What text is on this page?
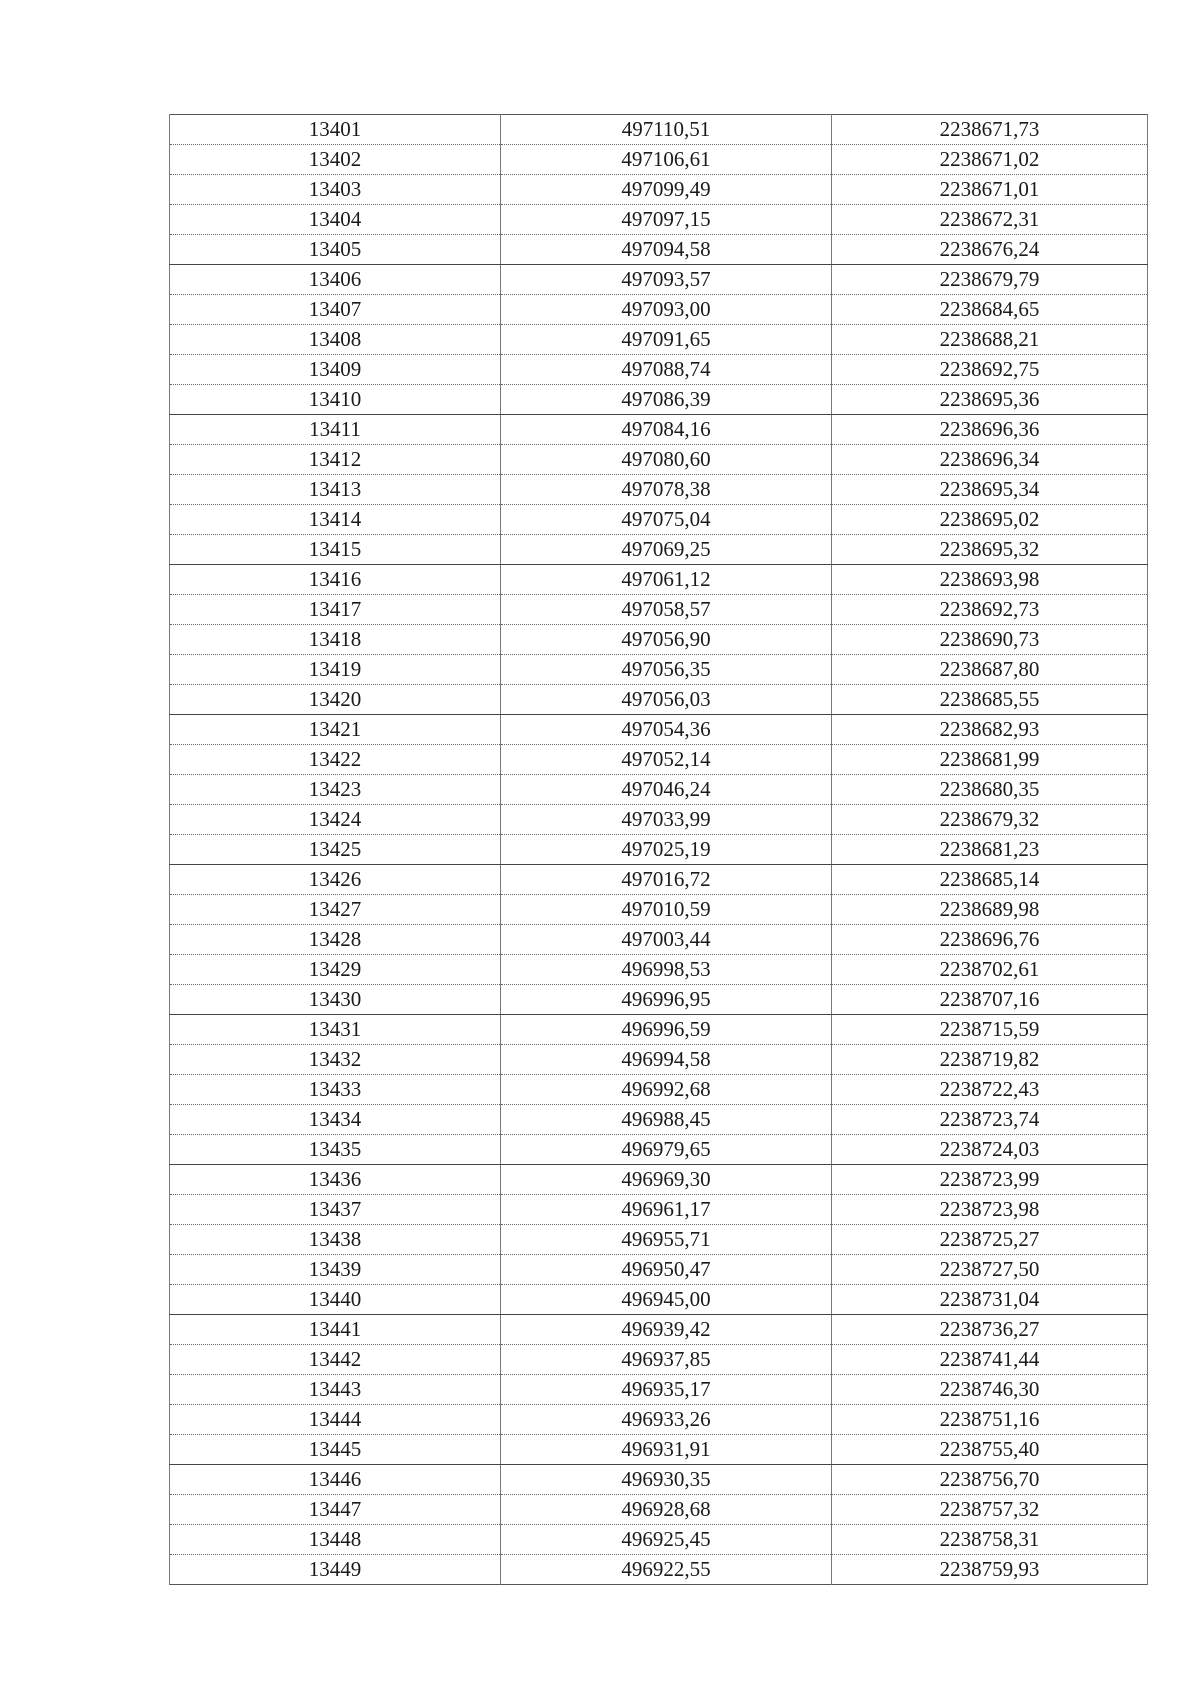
13401	497110,51	2238671,73
13402	497106,61	2238671,02
13403	497099,49	2238671,01
13404	497097,15	2238672,31
13405	497094,58	2238676,24
13406	497093,57	2238679,79
13407	497093,00	2238684,65
13408	497091,65	2238688,21
13409	497088,74	2238692,75
13410	497086,39	2238695,36
13411	497084,16	2238696,36
13412	497080,60	2238696,34
13413	497078,38	2238695,34
13414	497075,04	2238695,02
13415	497069,25	2238695,32
13416	497061,12	2238693,98
13417	497058,57	2238692,73
13418	497056,90	2238690,73
13419	497056,35	2238687,80
13420	497056,03	2238685,55
13421	497054,36	2238682,93
13422	497052,14	2238681,99
13423	497046,24	2238680,35
13424	497033,99	2238679,32
13425	497025,19	2238681,23
13426	497016,72	2238685,14
13427	497010,59	2238689,98
13428	497003,44	2238696,76
13429	496998,53	2238702,61
13430	496996,95	2238707,16
13431	496996,59	2238715,59
13432	496994,58	2238719,82
13433	496992,68	2238722,43
13434	496988,45	2238723,74
13435	496979,65	2238724,03
13436	496969,30	2238723,99
13437	496961,17	2238723,98
13438	496955,71	2238725,27
13439	496950,47	2238727,50
13440	496945,00	2238731,04
13441	496939,42	2238736,27
13442	496937,85	2238741,44
13443	496935,17	2238746,30
13444	496933,26	2238751,16
13445	496931,91	2238755,40
13446	496930,35	2238756,70
13447	496928,68	2238757,32
13448	496925,45	2238758,31
13449	496922,55	2238759,93
